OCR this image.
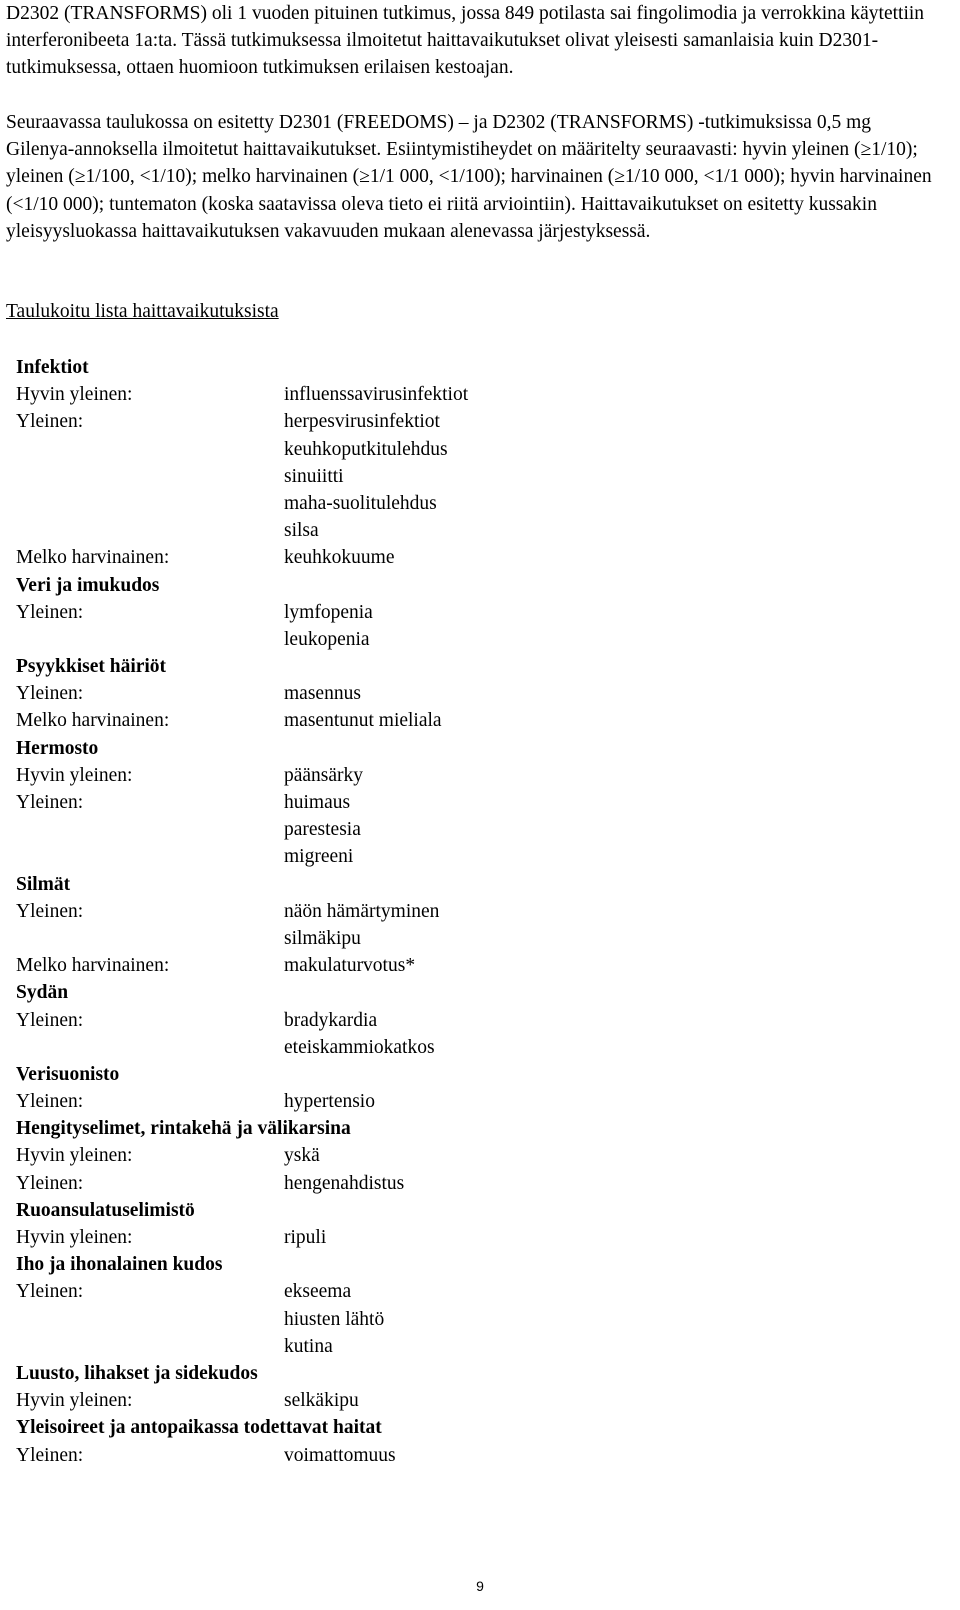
D2302 (TRANSFORMS) oli 1 vuoden pituinen tutkimus, jossa 849 potilasta sai fingolimodia ja verrokkina käytettiin interferonibeeta 1a:ta. Tässä tutkimuksessa ilmoitetut haittavaikutukset olivat yleisesti samanlaisia kuin D2301-tutkimuksessa, ottaen huomioon tutkimuksen erilaisen kestoajan.

Seuraavassa taulukossa on esitetty D2301 (FREEDOMS) – ja D2302 (TRANSFORMS) -tutkimuksissa 0,5 mg Gilenya-annoksella ilmoitetut haittavaikutukset. Esiintymistiheydet on määritelty seuraavasti: hyvin yleinen (≥1/10); yleinen (≥1/100, <1/10); melko harvinainen (≥1/1 000, <1/100); harvinainen (≥1/10 000, <1/1 000); hyvin harvinainen (<1/10 000); tuntematon (koska saatavissa oleva tieto ei riitä arviointiin). Haittavaikutukset on esitetty kussakin yleisyysluokassa haittavaikutuksen vakavuuden mukaan alenevassa järjestyksessä.

Taulukoitu lista haittavaikutuksista
Infektiot
Hyvin yleinen:	influenssavirusinfektiot
Yleinen:	herpesvirusinfektiot
keuhkoputkitulehdus
sinuiitti
maha-suolitulehdus
silsa
Melko harvinainen:	keuhkokuume
Veri ja imukudos
Yleinen:	lymfopenia
leukopenia
Psyykkiset häiriöt
Yleinen:	masennus
Melko harvinainen:	masentunut mieliala
Hermosto
Hyvin yleinen:	päänsärky
Yleinen:	huimaus
parestesia
migreeni
Silmät
Yleinen:	näön hämärtyminen
silmäkipu
Melko harvinainen:	makulaturvotus*
Sydän
Yleinen:	bradykardia
eteiskammiokatkos
Verisuonisto
Yleinen:	hypertensio
Hengityselimet, rintakehä ja välikarsina
Hyvin yleinen:	yskä
Yleinen:	hengenahdistus
Ruoansulatuselimistö
Hyvin yleinen:	ripuli
Iho ja ihonalainen kudos
Yleinen:	ekseema
hiusten lähtö
kutina
Luusto, lihakset ja sidekudos
Hyvin yleinen:	selkäkipu
Yleisoireet ja antopaikassa todettavat haitat
Yleinen:	voimattomuus
9
